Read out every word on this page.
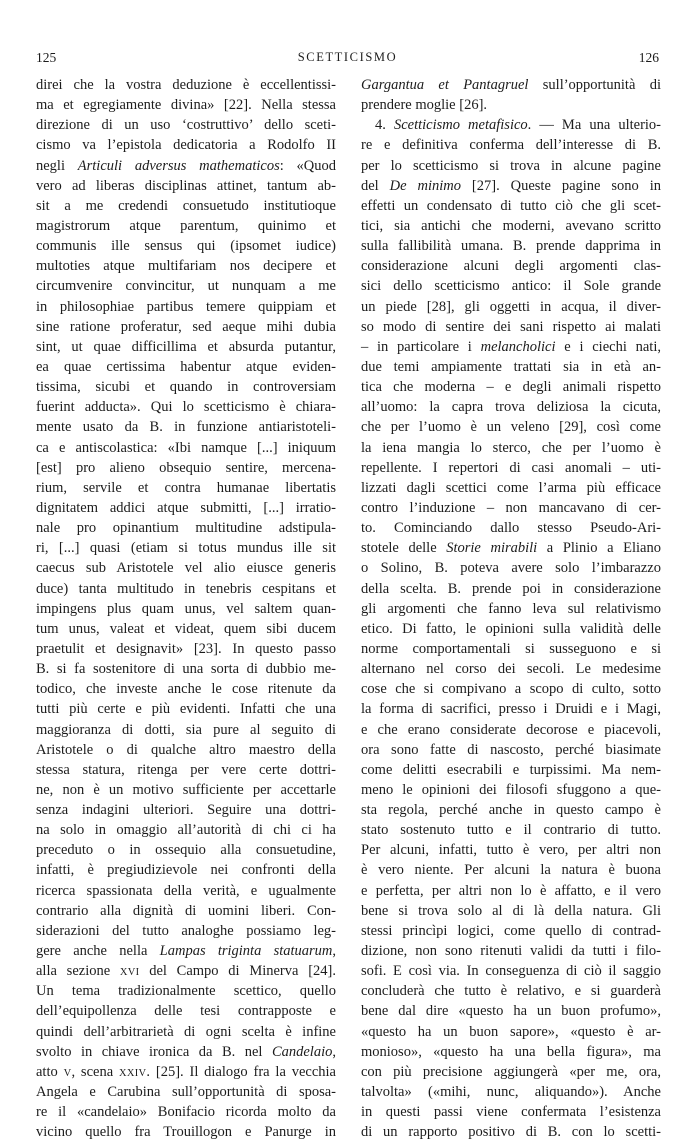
125	SCETTICISMO	126
direi che la vostra deduzione è eccellentissi-
ma et egregiamente divina» [22]. Nella stessa
direzione di un uso ‘costruttivo’ dello sceti-
cismo va l’epistola dedicatoria a Rodolfo II
negli Articuli adversus mathematicos: «Quod
vero ad liberas disciplinas attinet, tantum ab-
sit a me credendi consuetudo institutioque
magistrorum atque parentum, quinimo et
communis ille sensus qui (ipsomet iudice)
multoties atque multifariam nos decipere et
circumvenire convincitur, ut nunquam a me
in philosophiae partibus temere quippiam et
sine ratione proferatur, sed aeque mihi dubia
sint, ut quae difficillima et absurda putantur,
ea quae certissima habentur atque eviden-
tissima, sicubi et quando in controversiam
fuerint adducta». Qui lo scetticismo è chiara-
mente usato da B. in funzione antiaristoteli-
ca e antiscolastica: «Ibi namque [...] iniquum
[est] pro alieno obsequio sentire, mercena-
rium, servile et contra humanae libertatis
dignitatem addici atque submitti, [...] irratio-
nale pro opinantium multitudine adstipula-
ri, [...] quasi (etiam si totus mundus ille sit
caecus sub Aristotele vel alio eiusce generis
duce) tanta multitudo in tenebris cespitans et
impingens plus quam unus, vel saltem quan-
tum unus, valeat et videat, quem sibi ducem
praetulit et designavit» [23]. In questo passo
B. si fa sostenitore di una sorta di dubbio me-
todico, che investe anche le cose ritenute da
tutti più certe e più evidenti. Infatti che una
maggioranza di dotti, sia pure al seguito di
Aristotele o di qualche altro maestro della
stessa statura, ritenga per vere certe dottri-
ne, non è un motivo sufficiente per accettarle
senza indagini ulteriori. Seguire una dottri-
na solo in omaggio all’autorità di chi ci ha
preceduto o in ossequio alla consuetudine,
infatti, è pregiudizievole nei confronti della
ricerca spassionata della verità, e ugualmente
contrario alla dignità di uomini liberi. Con-
siderazioni del tutto analoghe possiamo leg-
gere anche nella Lampas triginta statuarum,
alla sezione XVI del Campo di Minerva [24].
Un tema tradizionalmente scettico, quello
dell’equipollenza delle tesi contrapposte e
quindi dell’arbitrarietà di ogni scelta è infine
svolto in chiave ironica da B. nel Candelaio,
atto V, scena XXIV. [25]. Il dialogo fra la vecchia
Angela e Carubina sull’opportunità di sposa-
re il «candelaio» Bonifacio ricorda molto da
vicino quello fra Trouillogon e Panurge in
Gargantua et Pantagruel sull’opportunità di
prendere moglie [26].
4. Scetticismo metafisico. — Ma una ulterio-
re e definitiva conferma dell’interesse di B.
per lo scetticismo si trova in alcune pagine
del De minimo [27]. Queste pagine sono in
effetti un condensato di tutto ciò che gli scet-
tici, sia antichi che moderni, avevano scritto
sulla fallibilità umana. B. prende dapprima in
considerazione alcuni degli argomenti clas-
sici dello scetticismo antico: il Sole grande
un piede [28], gli oggetti in acqua, il diver-
so modo di sentire dei sani rispetto ai malati
– in particolare i melancholici e i ciechi nati,
due temi ampiamente trattati sia in età an-
tica che moderna – e degli animali rispetto
all’uomo: la capra trova deliziosa la cicuta,
che per l’uomo è un veleno [29], così come
la iena mangia lo sterco, che per l’uomo è
repellente. I repertori di casi anomali – uti-
lizzati dagli scettici come l’arma più efficace
contro l’induzione – non mancavano di cer-
to. Cominciando dallo stesso Pseudo-Ari-
stotele delle Storie mirabili a Plinio a Eliano
o Solino, B. poteva avere solo l’imbarazzo
della scelta. B. prende poi in considerazione
gli argomenti che fanno leva sul relativismo
etico. Di fatto, le opinioni sulla validità delle
norme comportamentali si susseguono e si
alternano nel corso dei secoli. Le medesime
cose che si compivano a scopo di culto, sotto
la forma di sacrifici, presso i Druidi e i Magi,
e che erano considerate decorose e piacevoli,
ora sono fatte di nascosto, perché biasimate
come delitti esecrabili e turpissimi. Ma nem-
meno le opinioni dei filosofi sfuggono a que-
sta regola, perché anche in questo campo è
stato sostenuto tutto e il contrario di tutto.
Per alcuni, infatti, tutto è vero, per altri non
è vero niente. Per alcuni la natura è buona
e perfetta, per altri non lo è affatto, e il vero
bene si trova solo al di là della natura. Gli
stessi princìpi logici, come quello di contrad-
dizione, non sono ritenuti validi da tutti i filo-
sofi. E così via. In conseguenza di ciò il saggio
concluderà che tutto è relativo, e si guarderà
bene dal dire «questo ha un buon profumo»,
«questo ha un buon sapore», «questo è ar-
monioso», «questo ha una bella figura», ma
con più precisione aggiungerà «per me, ora,
talvolta» («mihi, nunc, aliquando»). Anche
in questi passi viene confermata l’esistenza
di un rapporto positivo di B. con lo scetti-
